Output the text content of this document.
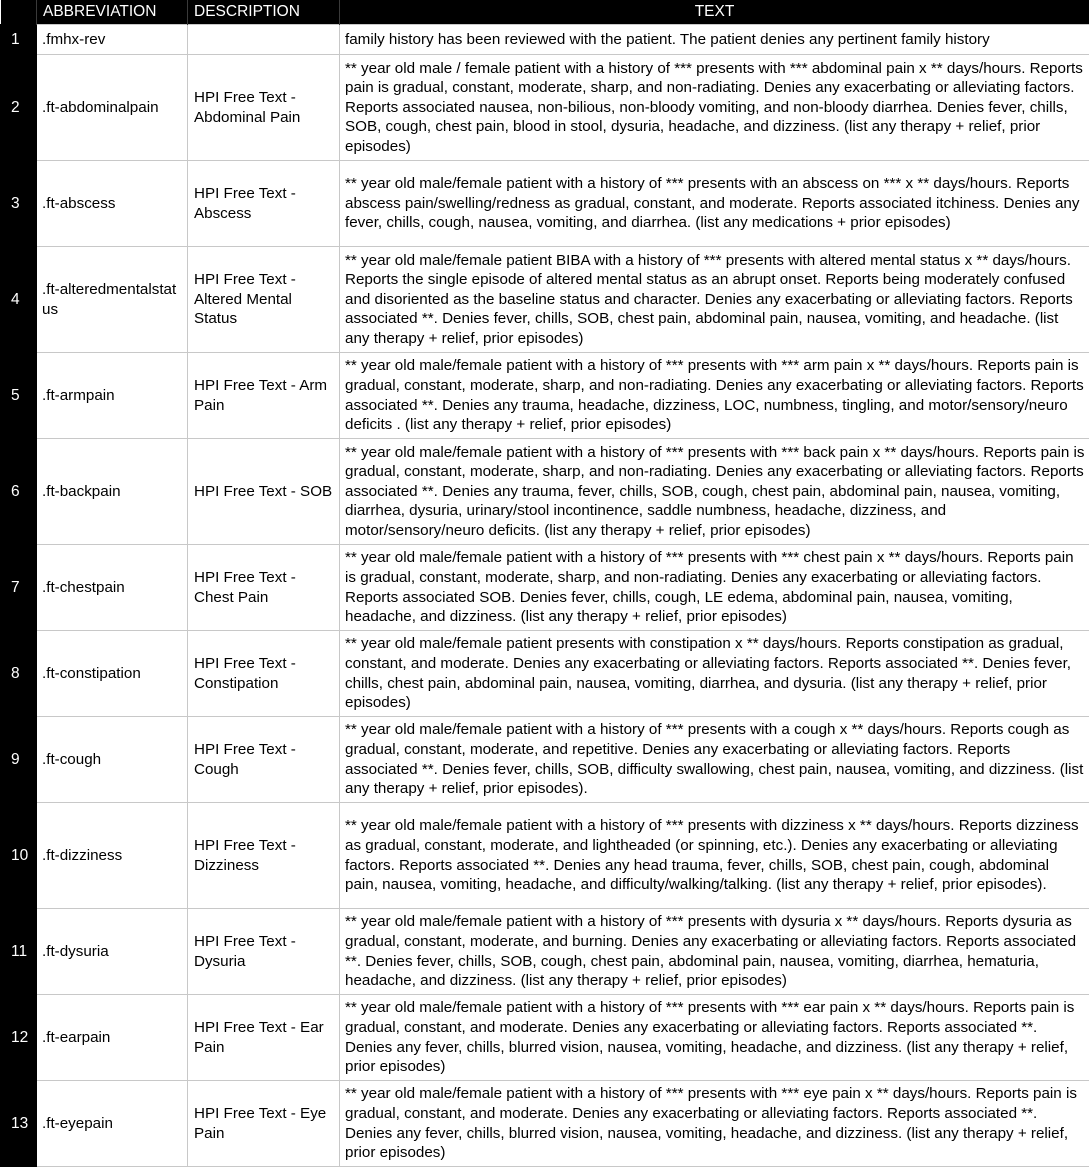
	ABBREVIATION	DESCRIPTION	TEXT
1	.fmhx-rev		family history has been reviewed with the patient. The patient denies any pertinent family history
2	.ft-abdominalpain	HPI Free Text - Abdominal Pain	** year old male / female patient with a history of *** presents with *** abdominal pain x ** days/hours. Reports pain is gradual, constant, moderate, sharp, and non-radiating. Denies any exacerbating or alleviating factors. Reports associated nausea, non-bilious, non-bloody vomiting, and non-bloody diarrhea. Denies fever, chills, SOB, cough, chest pain, blood in stool, dysuria, headache, and dizziness. (list any therapy + relief, prior episodes)
3	.ft-abscess	HPI Free Text - Abscess	** year old male/female patient with a history of *** presents with an abscess on *** x ** days/hours. Reports abscess pain/swelling/redness as gradual, constant, and moderate. Reports associated itchiness. Denies any fever, chills, cough, nausea, vomiting, and diarrhea. (list any medications + prior episodes)
4	.ft-alteredmentalstatus	HPI Free Text - Altered Mental Status	** year old male/female patient BIBA with a history of *** presents with altered mental status x ** days/hours. Reports the single episode of altered mental status as an abrupt onset. Reports being moderately confused and disoriented as the baseline status and character. Denies any exacerbating or alleviating factors. Reports associated **. Denies fever, chills, SOB, chest pain, abdominal pain, nausea, vomiting, and headache. (list any therapy + relief, prior episodes)
5	.ft-armpain	HPI Free Text - Arm Pain	** year old male/female patient with a history of *** presents with *** arm pain x ** days/hours. Reports pain is gradual, constant, moderate, sharp, and non-radiating. Denies any exacerbating or alleviating factors. Reports associated **. Denies any trauma, headache, dizziness, LOC, numbness, tingling, and motor/sensory/neuro deficits . (list any therapy + relief, prior episodes)
6	.ft-backpain	HPI Free Text - SOB	** year old male/female patient with a history of *** presents with *** back pain x ** days/hours. Reports pain is gradual, constant, moderate, sharp, and non-radiating. Denies any exacerbating or alleviating factors. Reports associated **. Denies any trauma, fever, chills, SOB, cough, chest pain, abdominal pain, nausea, vomiting, diarrhea, dysuria, urinary/stool incontinence, saddle numbness, headache, dizziness, and motor/sensory/neuro deficits. (list any therapy + relief, prior episodes)
7	.ft-chestpain	HPI Free Text - Chest Pain	** year old male/female patient with a history of *** presents with *** chest pain x ** days/hours. Reports pain is gradual, constant, moderate, sharp, and non-radiating. Denies any exacerbating or alleviating factors. Reports associated SOB. Denies fever, chills, cough, LE edema, abdominal pain, nausea, vomiting, headache, and dizziness. (list any therapy + relief, prior episodes)
8	.ft-constipation	HPI Free Text - Constipation	** year old male/female patient presents with constipation x ** days/hours. Reports constipation as gradual, constant, and moderate. Denies any exacerbating or alleviating factors. Reports associated **. Denies fever, chills, chest pain, abdominal pain, nausea, vomiting, diarrhea, and dysuria. (list any therapy + relief, prior episodes)
9	.ft-cough	HPI Free Text - Cough	** year old male/female patient with a history of *** presents with a cough x ** days/hours. Reports cough as gradual, constant, moderate, and repetitive. Denies any exacerbating or alleviating factors. Reports associated **. Denies fever, chills, SOB, difficulty swallowing, chest pain, nausea, vomiting, and dizziness. (list any therapy + relief, prior episodes).
10	.ft-dizziness	HPI Free Text - Dizziness	** year old male/female patient with a history of *** presents with dizziness x ** days/hours. Reports dizziness as gradual, constant, moderate, and lightheaded (or spinning, etc.). Denies any exacerbating or alleviating factors. Reports associated **. Denies any head trauma, fever, chills, SOB, chest pain, cough, abdominal pain, nausea, vomiting, headache, and difficulty/walking/talking. (list any therapy + relief, prior episodes).
11	.ft-dysuria	HPI Free Text - Dysuria	** year old male/female patient with a history of *** presents with dysuria x ** days/hours. Reports dysuria as gradual, constant, moderate, and burning. Denies any exacerbating or alleviating factors. Reports associated **. Denies fever, chills, SOB, cough, chest pain, abdominal pain, nausea, vomiting, diarrhea, hematuria, headache, and dizziness. (list any therapy + relief, prior episodes)
12	.ft-earpain	HPI Free Text - Ear Pain	** year old male/female patient with a history of *** presents with *** ear pain x ** days/hours. Reports pain is gradual, constant, and moderate. Denies any exacerbating or alleviating factors. Reports associated **. Denies any fever, chills, blurred vision, nausea, vomiting, headache, and dizziness. (list any therapy + relief, prior episodes)
13	.ft-eyepain	HPI Free Text - Eye Pain	** year old male/female patient with a history of *** presents with *** eye pain x ** days/hours. Reports pain is gradual, constant, and moderate. Denies any exacerbating or alleviating factors. Reports associated **. Denies any fever, chills, blurred vision, nausea, vomiting, headache, and dizziness. (list any therapy + relief, prior episodes)
